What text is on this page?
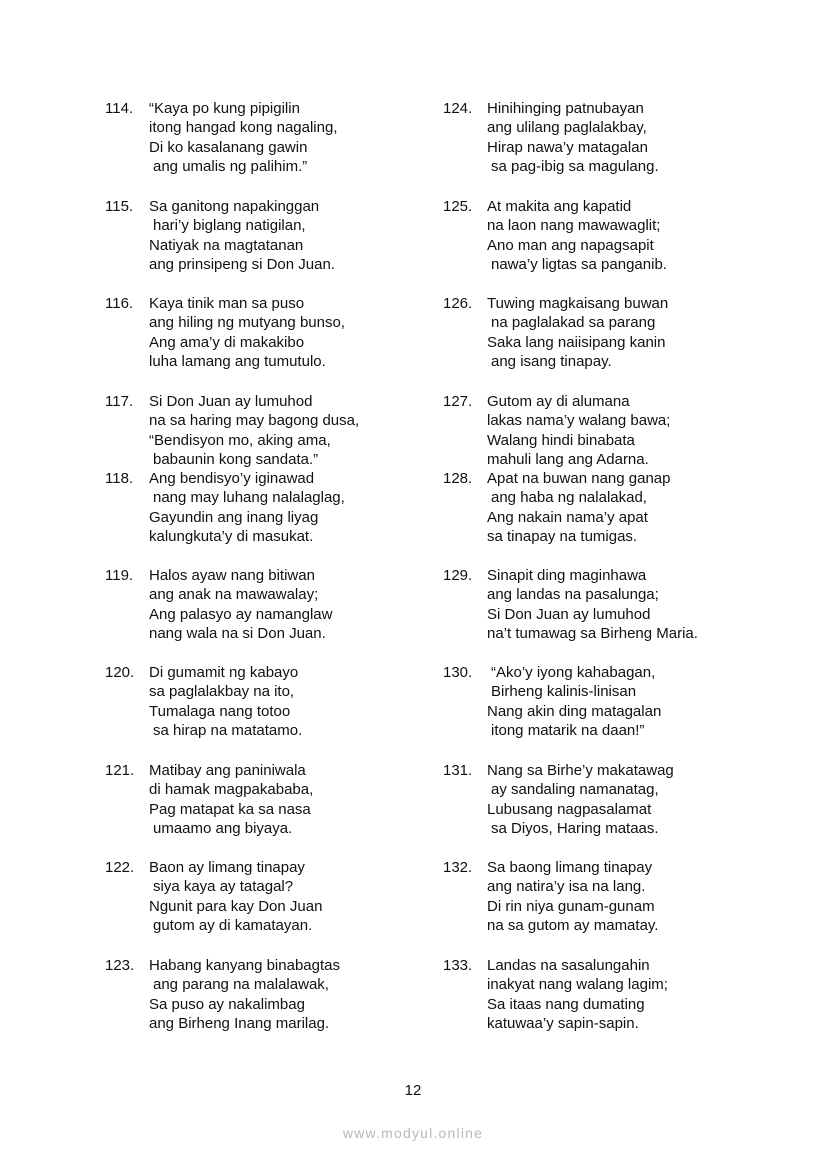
114.	“Kaya po kung pipigilin
itong hangad kong nagaling,
Di ko kasalanang gawin
ang umalis ng palihim.”
115.	Sa ganitong napakinggan
hari’y biglang natigilan,
Natiyak na magtatanan
ang prinsipeng si Don Juan.
116.	Kaya tinik man sa puso
ang hiling ng mutyang bunso,
Ang ama’y di makakibo
luha lamang ang tumutulo.
117.	Si Don Juan ay lumuhod
na sa haring may bagong dusa,
“Bendisyon mo, aking ama,
babaunin kong sandata.”
118.	Ang bendisyo’y iginawad
nang may luhang nalalaglag,
Gayundin ang inang liyag
kalungkuta’y di masukat.
119.	Halos ayaw nang bitiwan
ang anak na mawawalay;
Ang palasyo ay namanglaw
nang wala na si Don Juan.
120. Di gumamit ng kabayo
sa paglalakbay na ito,
Tumalaga nang totoo
sa hirap na matatamo.
121. Matibay ang paniniwala
di hamak magpakababa,
Pag matapat ka sa nasa
umaamo ang biyaya.
122. Baon ay limang tinapay
siya kaya ay tatagal?
Ngunit para kay Don Juan
gutom ay di kamatayan.
123. Habang kanyang binabagtas
ang parang na malalawak,
Sa puso ay nakalimbag
ang Birheng Inang marilag.
124. Hinihinging patnubayan
ang ulilang paglalakbay,
Hirap nawa’y matagalan
sa pag-ibig sa magulang.
125. At makita ang kapatid
na laon nang mawawaglit;
Ano man ang napagsapit
nawa’y ligtas sa panganib.
126. Tuwing magkaisang buwan
na paglalakad sa parang
Saka lang naiisipang kanin
ang isang tinapay.
127. Gutom ay di alumana
lakas nama’y walang bawa;
Walang hindi binabata
mahuli lang ang Adarna.
128. Apat na buwan nang ganap
ang haba ng nalalakad,
Ang nakain nama’y apat
sa tinapay na tumigas.
129. Sinapit ding maginhawa
ang landas na pasalunga;
Si Don Juan ay lumuhod
na’t tumawag sa Birheng Maria.
130.	“Ako’y iyong kahabagan,
Birheng kalinis-linisan
Nang akin ding matagalan
itong matarik na daan!”
131. Nang sa Birhe’y makatawag
ay sandaling namanatag,
Lubusang nagpasalamat
sa Diyos, Haring mataas.
132. Sa baong limang tinapay
ang natira’y isa na lang.
Di rin niya gunam-gunam
na sa gutom ay mamatay.
133. Landas na sasalungahin
inakyat nang walang lagim;
Sa itaas nang dumating
katuwaa’y sapin-sapin.
12
www.modyul.online
